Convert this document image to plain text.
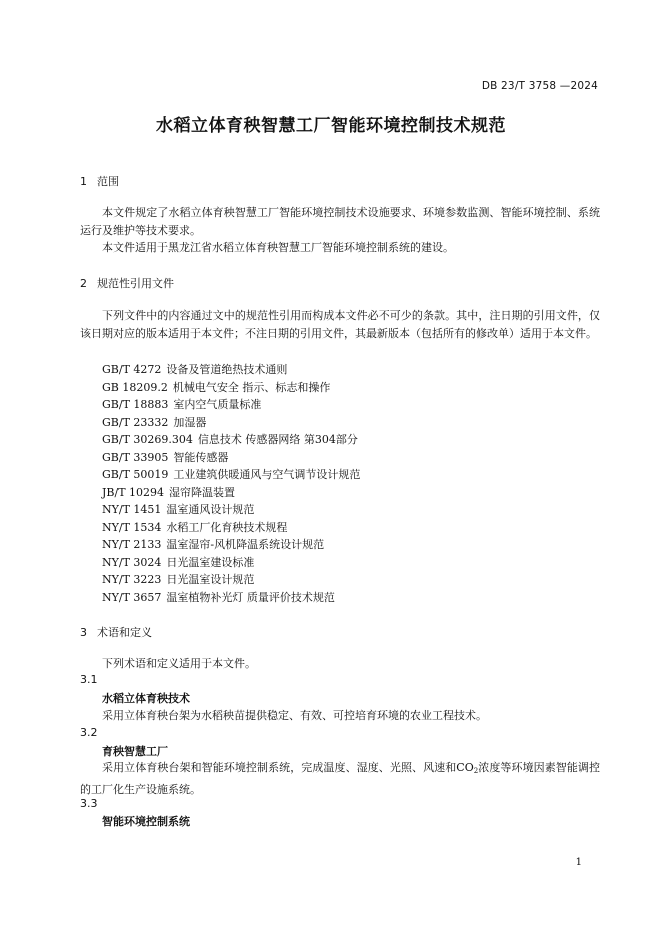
DB 23/T 3758 —2024
水稻立体育秧智慧工厂智能环境控制技术规范
1 范围
本文件规定了水稻立体育秧智慧工厂智能环境控制技术设施要求、环境参数监测、智能环境控制、系统运行及维护等技术要求。
本文件适用于黑龙江省水稻立体育秧智慧工厂智能环境控制系统的建设。
2 规范性引用文件
下列文件中的内容通过文中的规范性引用而构成本文件必不可少的条款。其中，注日期的引用文件，仅该日期对应的版本适用于本文件；不注日期的引用文件，其最新版本（包括所有的修改单）适用于本文件。
GB/T 4272 设备及管道绝热技术通则
GB 18209.2 机械电气安全 指示、标志和操作
GB/T 18883 室内空气质量标准
GB/T 23332 加湿器
GB/T 30269.304 信息技术 传感器网络 第304部分
GB/T 33905 智能传感器
GB/T 50019 工业建筑供暖通风与空气调节设计规范
JB/T 10294 湿帘降温装置
NY/T 1451 温室通风设计规范
NY/T 1534 水稻工厂化育秧技术规程
NY/T 2133 温室湿帘-风机降温系统设计规范
NY/T 3024 日光温室建设标准
NY/T 3223 日光温室设计规范
NY/T 3657 温室植物补光灯 质量评价技术规范
3 术语和定义
下列术语和定义适用于本文件。
3.1
水稻立体育秧技术
采用立体育秧台架为水稻秧苗提供稳定、有效、可控培育环境的农业工程技术。
3.2
育秧智慧工厂
采用立体育秧台架和智能环境控制系统，完成温度、湿度、光照、风速和$CO_2$浓度等环境因素智能调控的工厂化生产设施系统。
3.3
智能环境控制系统
1
